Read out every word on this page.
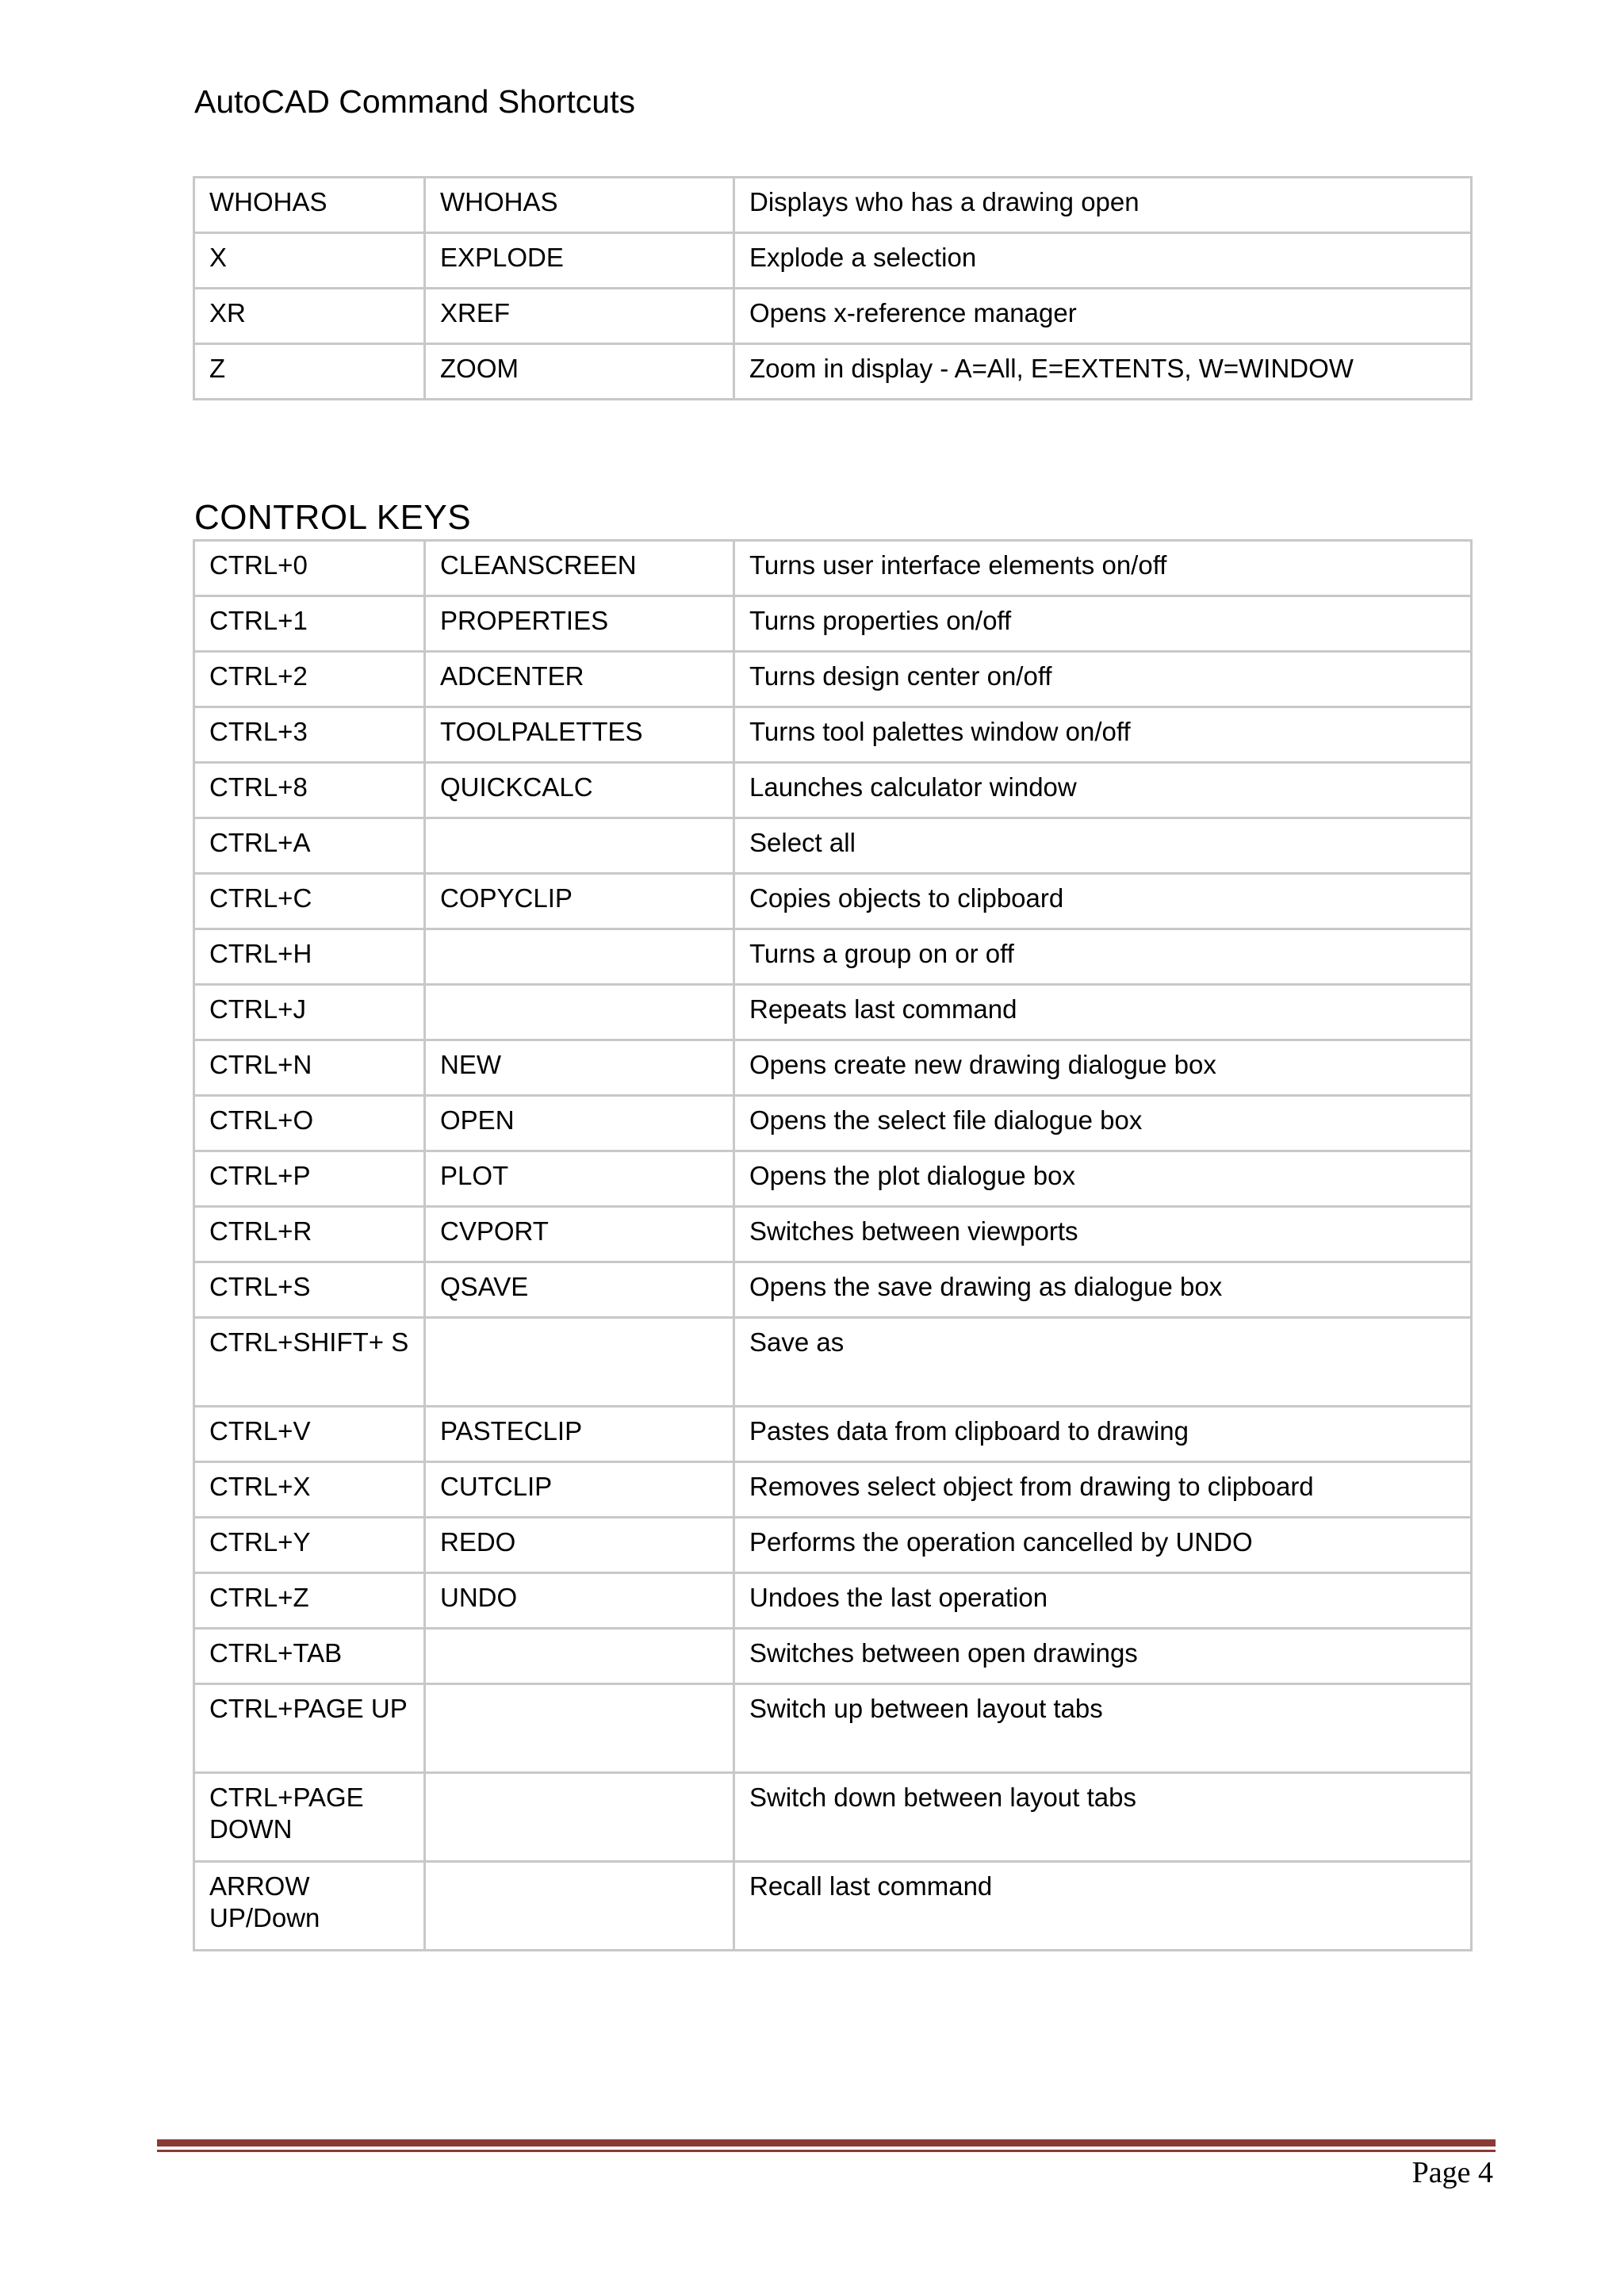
AutoCAD Command Shortcuts
WHOHAS	WHOHAS	Displays who has a drawing open
X	EXPLODE	Explode a selection
XR	XREF	Opens x-reference manager
Z	ZOOM	Zoom in display - A=All, E=EXTENTS, W=WINDOW
CONTROL KEYS
CTRL+0	CLEANSCREEN	Turns user interface elements on/off
CTRL+1	PROPERTIES	Turns properties on/off
CTRL+2	ADCENTER	Turns design center on/off
CTRL+3	TOOLPALETTES	Turns tool palettes window on/off
CTRL+8	QUICKCALC	Launches calculator window
CTRL+A		Select all
CTRL+C	COPYCLIP	Copies objects to clipboard
CTRL+H		Turns a group on or off
CTRL+J		Repeats last command
CTRL+N	NEW	Opens create new drawing dialogue box
CTRL+O	OPEN	Opens the select file dialogue box
CTRL+P	PLOT	Opens the plot dialogue box
CTRL+R	CVPORT	Switches between viewports
CTRL+S	QSAVE	Opens the save drawing as dialogue box
CTRL+SHIFT+ S		Save as
CTRL+V	PASTECLIP	Pastes data from clipboard to drawing
CTRL+X	CUTCLIP	Removes select object from drawing to clipboard
CTRL+Y	REDO	Performs the operation cancelled by UNDO
CTRL+Z	UNDO	Undoes the last operation
CTRL+TAB		Switches between open drawings
CTRL+PAGE UP		Switch up between layout tabs
CTRL+PAGE DOWN		Switch down between layout tabs
ARROW UP/Down		Recall last command
Page 4
